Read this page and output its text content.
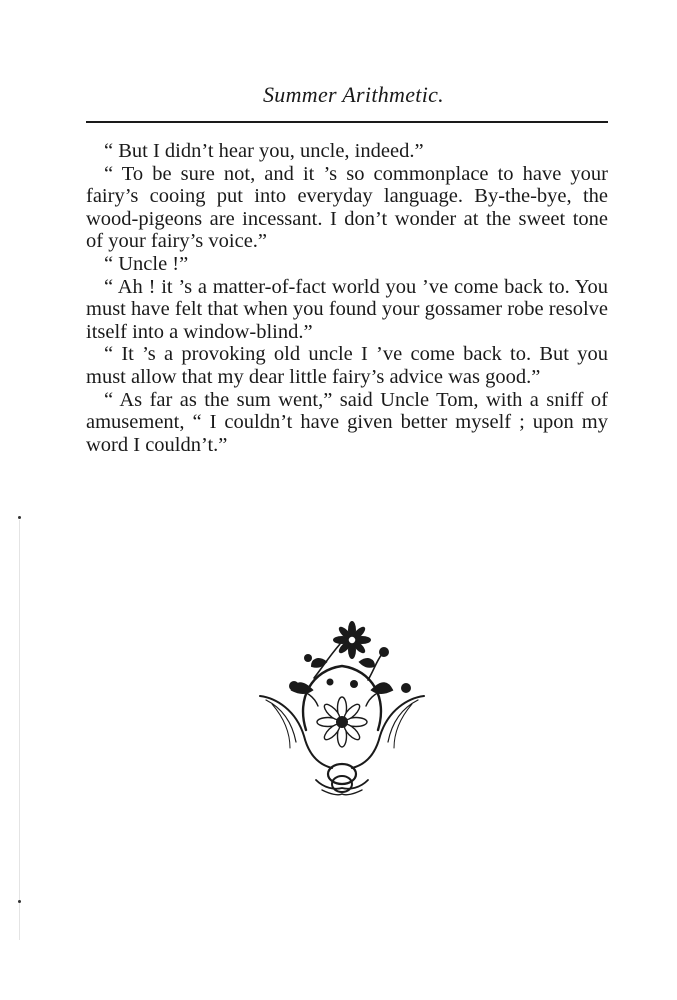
Summer Arithmetic.

“ But I didn’t hear you, uncle, indeed.”

“ To be sure not, and it ’s so commonplace to have your fairy’s cooing put into everyday language. By-the-bye, the wood-pigeons are incessant. I don’t wonder at the sweet tone of your fairy’s voice.”

“ Uncle !”

“ Ah ! it ’s a matter-of-fact world you ’ve come back to. You must have felt that when you found your gossamer robe resolve itself into a window-blind.”

“ It ’s a provoking old uncle I ’ve come back to. But you must allow that my dear little fairy’s advice was good.”

“ As far as the sum went,” said Uncle Tom, with a sniff of amusement, “ I couldn’t have given better myself ; upon my word I couldn’t.”
